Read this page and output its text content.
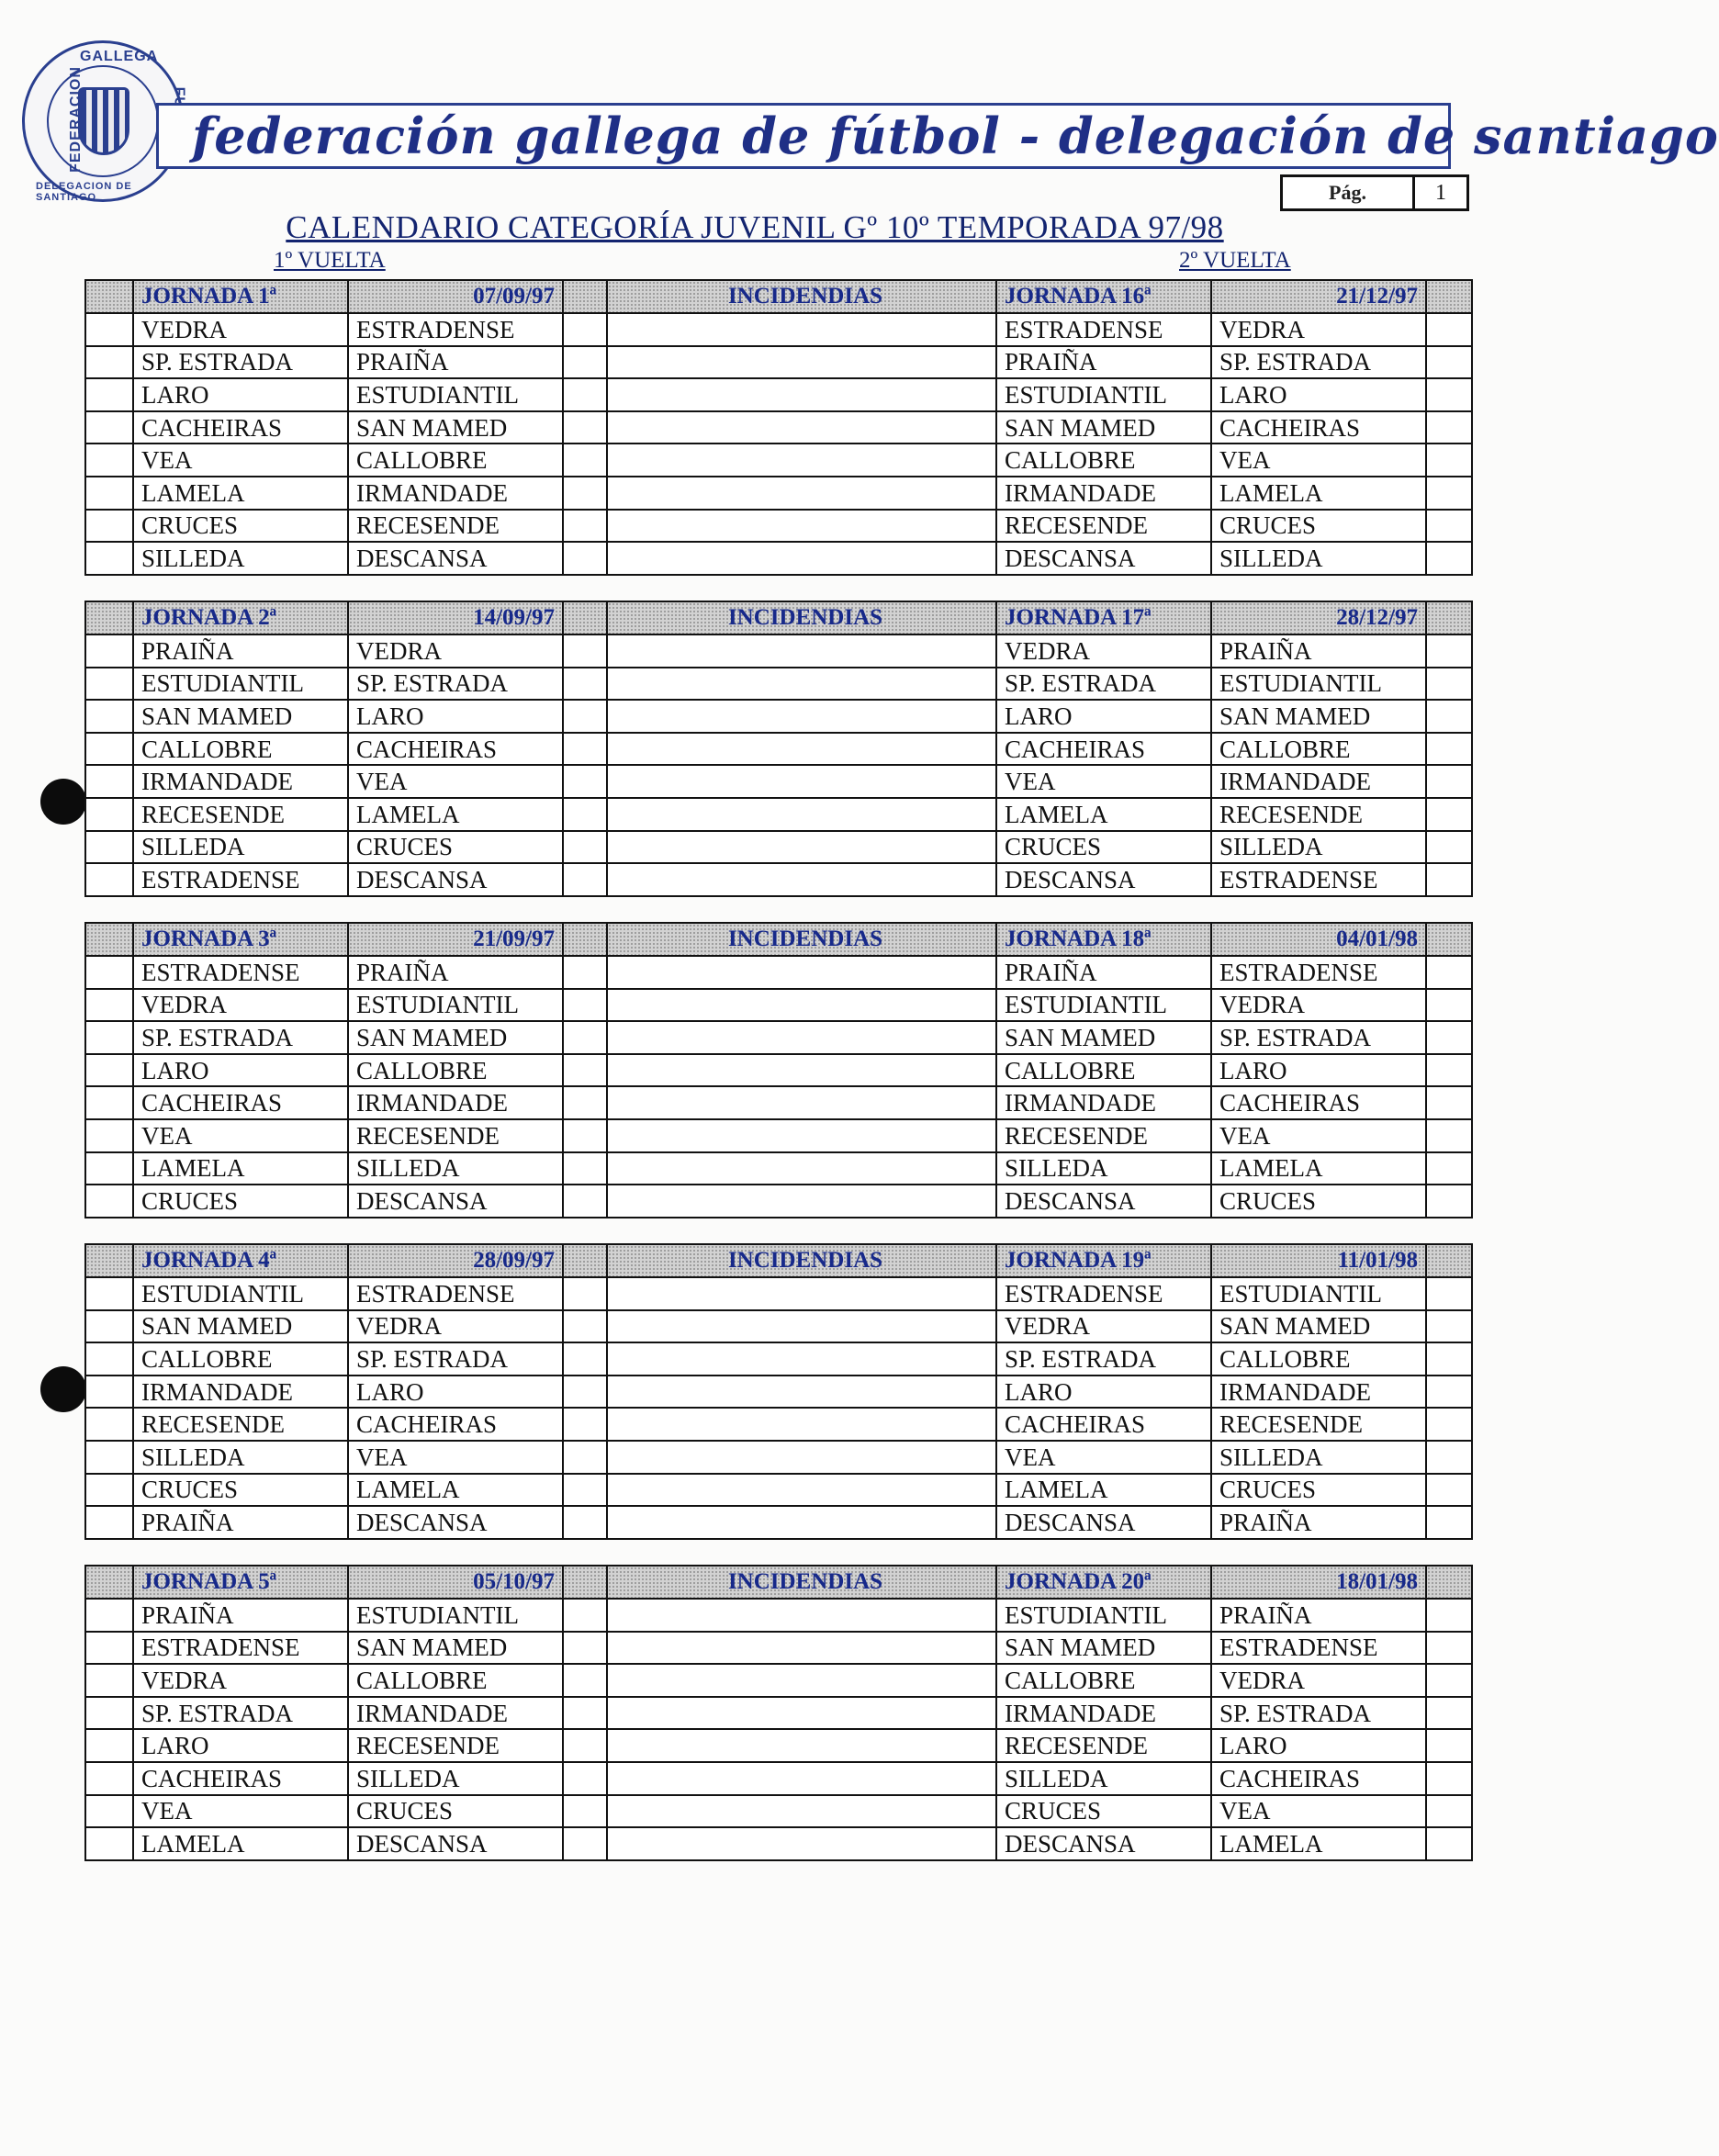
GALLEGA
FEDERACION
DELEGACION DE SANTIAGO
federación gallega de fútbol - delegación de santiago
Pág.	1
CALENDARIO CATEGORÍA JUVENIL Gº 10º TEMPORADA 97/98
1º VUELTA	2º VUELTA
	JORNADA 1ª	07/09/97		INCIDENDIAS	JORNADA 16ª	21/12/97	
	VEDRA	ESTRADENSE			ESTRADENSE	VEDRA	
	SP. ESTRADA	PRAIÑA			PRAIÑA	SP. ESTRADA	
	LARO	ESTUDIANTIL			ESTUDIANTIL	LARO	
	CACHEIRAS	SAN MAMED			SAN MAMED	CACHEIRAS	
	VEA	CALLOBRE			CALLOBRE	VEA	
	LAMELA	IRMANDADE			IRMANDADE	LAMELA	
	CRUCES	RECESENDE			RECESENDE	CRUCES	
	SILLEDA	DESCANSA			DESCANSA	SILLEDA	
	JORNADA 2ª	14/09/97		INCIDENDIAS	JORNADA 17ª	28/12/97	
	PRAIÑA	VEDRA			VEDRA	PRAIÑA	
	ESTUDIANTIL	SP. ESTRADA			SP. ESTRADA	ESTUDIANTIL	
	SAN MAMED	LARO			LARO	SAN MAMED	
	CALLOBRE	CACHEIRAS			CACHEIRAS	CALLOBRE	
	IRMANDADE	VEA			VEA	IRMANDADE	
	RECESENDE	LAMELA			LAMELA	RECESENDE	
	SILLEDA	CRUCES			CRUCES	SILLEDA	
	ESTRADENSE	DESCANSA			DESCANSA	ESTRADENSE	
	JORNADA 3ª	21/09/97		INCIDENDIAS	JORNADA 18ª	04/01/98	
	ESTRADENSE	PRAIÑA			PRAIÑA	ESTRADENSE	
	VEDRA	ESTUDIANTIL			ESTUDIANTIL	VEDRA	
	SP. ESTRADA	SAN MAMED			SAN MAMED	SP. ESTRADA	
	LARO	CALLOBRE			CALLOBRE	LARO	
	CACHEIRAS	IRMANDADE			IRMANDADE	CACHEIRAS	
	VEA	RECESENDE			RECESENDE	VEA	
	LAMELA	SILLEDA			SILLEDA	LAMELA	
	CRUCES	DESCANSA			DESCANSA	CRUCES	
	JORNADA 4ª	28/09/97		INCIDENDIAS	JORNADA 19ª	11/01/98	
	ESTUDIANTIL	ESTRADENSE			ESTRADENSE	ESTUDIANTIL	
	SAN MAMED	VEDRA			VEDRA	SAN MAMED	
	CALLOBRE	SP. ESTRADA			SP. ESTRADA	CALLOBRE	
	IRMANDADE	LARO			LARO	IRMANDADE	
	RECESENDE	CACHEIRAS			CACHEIRAS	RECESENDE	
	SILLEDA	VEA			VEA	SILLEDA	
	CRUCES	LAMELA			LAMELA	CRUCES	
	PRAIÑA	DESCANSA			DESCANSA	PRAIÑA	
	JORNADA 5ª	05/10/97		INCIDENDIAS	JORNADA 20ª	18/01/98	
	PRAIÑA	ESTUDIANTIL			ESTUDIANTIL	PRAIÑA	
	ESTRADENSE	SAN MAMED			SAN MAMED	ESTRADENSE	
	VEDRA	CALLOBRE			CALLOBRE	VEDRA	
	SP. ESTRADA	IRMANDADE			IRMANDADE	SP. ESTRADA	
	LARO	RECESENDE			RECESENDE	LARO	
	CACHEIRAS	SILLEDA			SILLEDA	CACHEIRAS	
	VEA	CRUCES			CRUCES	VEA	
	LAMELA	DESCANSA			DESCANSA	LAMELA	
